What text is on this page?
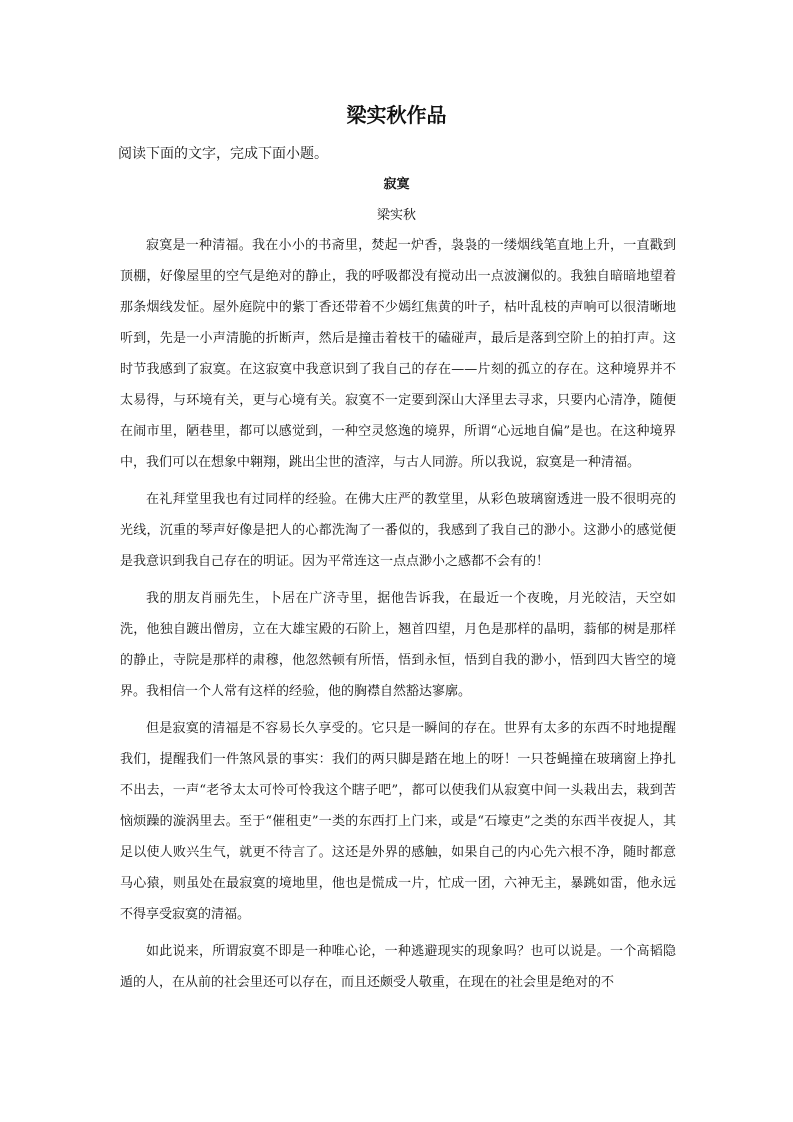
梁实秋作品

阅读下面的文字，完成下面小题。

寂寞

梁实秋

寂寞是一种清福。我在小小的书斋里，焚起一炉香，袅袅的一缕烟线笔直地上升，一直戳到顶棚，好像屋里的空气是绝对的静止，我的呼吸都没有搅动出一点波澜似的。我独自暗暗地望着那条烟线发怔。屋外庭院中的紫丁香还带着不少嫣红焦黄的叶子，枯叶乱枝的声响可以很清晰地听到，先是一小声清脆的折断声，然后是撞击着枝干的磕碰声，最后是落到空阶上的拍打声。这时节我感到了寂寞。在这寂寞中我意识到了我自己的存在——片刻的孤立的存在。这种境界并不太易得，与环境有关，更与心境有关。寂寞不一定要到深山大泽里去寻求，只要内心清净，随便在闹市里，陋巷里，都可以感觉到，一种空灵悠逸的境界，所谓“心远地自偏”是也。在这种境界中，我们可以在想象中翱翔，跳出尘世的渣滓，与古人同游。所以我说，寂寞是一种清福。

在礼拜堂里我也有过同样的经验。在佛大庄严的教堂里，从彩色玻璃窗透进一股不很明亮的光线，沉重的琴声好像是把人的心都洗淘了一番似的，我感到了我自己的渺小。这渺小的感觉便是我意识到我自己存在的明证。因为平常连这一点点渺小之感都不会有的！

我的朋友肖丽先生，卜居在广济寺里，据他告诉我，在最近一个夜晚，月光皎洁，天空如洗，他独自踱出僧房，立在大雄宝殿的石阶上，翘首四望，月色是那样的晶明，蓊郁的树是那样的静止，寺院是那样的肃穆，他忽然顿有所悟，悟到永恒，悟到自我的渺小，悟到四大皆空的境界。我相信一个人常有这样的经验，他的胸襟自然豁达寥廓。

但是寂寞的清福是不容易长久享受的。它只是一瞬间的存在。世界有太多的东西不时地提醒我们，提醒我们一件煞风景的事实：我们的两只脚是踏在地上的呀！一只苍蝇撞在玻璃窗上挣扎不出去，一声“老爷太太可怜可怜我这个瞎子吧”，都可以使我们从寂寞中间一头栽出去，栽到苦恼烦躁的漩涡里去。至于“催租吏”一类的东西打上门来，或是“石壕吏”之类的东西半夜捉人，其足以使人败兴生气，就更不待言了。这还是外界的感触，如果自己的内心先六根不净，随时都意马心猿，则虽处在最寂寞的境地里，他也是慌成一片，忙成一团，六神无主，暴跳如雷，他永远不得享受寂寞的清福。

如此说来，所谓寂寞不即是一种唯心论，一种逃避现实的现象吗？也可以说是。一个高韬隐遁的人，在从前的社会里还可以存在，而且还颇受人敬重，在现在的社会里是绝对的不
